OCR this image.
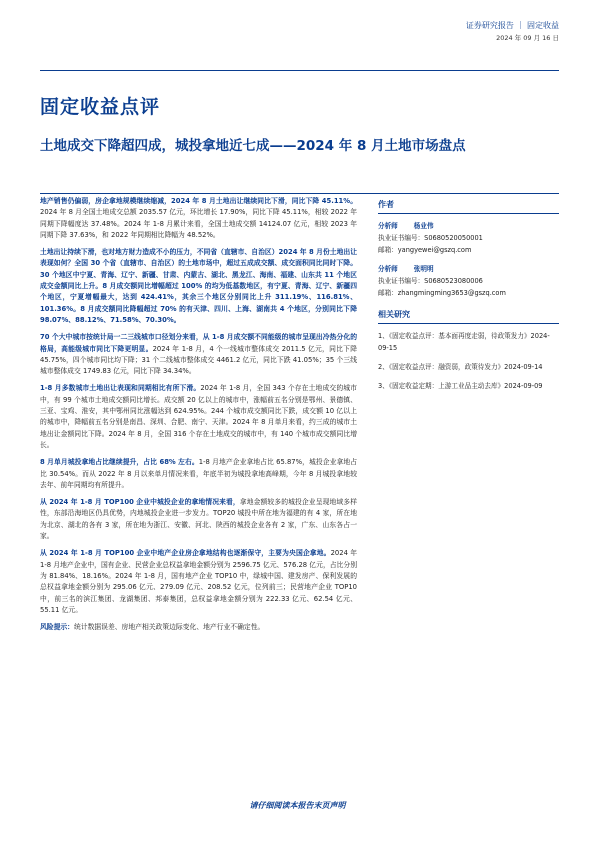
证券研究报告 ｜ 固定收益
2024 年 09 月 16 日
固定收益点评
土地成交下降超四成，城投拿地近七成——2024 年 8 月土地市场盘点

地产销售仍偏弱，房企拿地规模继续缩减，2024 年 8 月土地出让继续同比下滑，同比下降 45.11%。2024 年 8 月全国土地成交总额 2035.57 亿元，环比增长 17.90%，同比下降 45.11%，相较 2022 年同期下降幅度达 37.48%。2024 年 1-8 月累计来看，全国土地成交额 14124.07 亿元，相较 2023 年同期下降 37.63%，和 2022 年同期相比降幅为 48.52%。

土地出让持续下滑，也对地方财力造成不小的压力，不同省（直辖市、自治区）2024 年 8 月份土地出让表现如何？全国 30 个省（直辖市、自治区）的土地市场中，超过五成成交额、成交面积同比同时下降。30 个地区中宁夏、青海、辽宁、新疆、甘肃、内蒙古、湖北、黑龙江、海南、福建、山东共 11 个地区成交金额同比上升。8 月成交额同比增幅超过 100% 的均为低基数地区，有宁夏、青海、辽宁、新疆四个地区，宁夏增幅最大，达到 424.41%，其余三个地区分别同比上升 311.19%、116.81%、101.36%。8 月成交额同比降幅超过 70% 的有天津、四川、上海、湖南共 4 个地区，分别同比下降 98.07%、88.12%、71.58%、70.30%。

70 个大中城市按统计局一二三线城市口径划分来看，从 1-8 月成交额不同能级的城市呈现出冷热分化的格局，高能级城市同比下降更明显。2024 年 1-8 月，4 个一线城市整体成交 2011.5 亿元，同比下降 45.75%，四个城市同比均下降；31 个二线城市整体成交 4461.2 亿元，同比下跌 41.05%；35 个三线城市整体成交 1749.83 亿元，同比下降 34.34%。

1-8 月多数城市土地出让表现和同期相比有所下滑。2024 年 1-8 月，全国 343 个存在土地成交的城市中，有 99 个城市土地成交额同比增长。成交额 20 亿以上的城市中，涨幅前五名分别是鄂州、景德镇、三亚、宝鸡、淮安，其中鄂州同比涨幅达到 624.95%。244 个城市成交额同比下跌，成交额 10 亿以上的城市中，降幅前五名分别是南昌、深圳、合肥、南宁、天津。2024 年 8 月单月来看，约三成的城市土地出让金额同比下降。2024 年 8 月，全国 316 个存在土地成交的城市中，有 140 个城市成交额同比增长。

8 月单月城投拿地占比继续提升，占比 68% 左右。1-8 月地产企业拿地占比 65.87%，城投企业拿地占比 30.54%。而从 2022 年 8 月以来单月情况来看，年底半初为城投拿地高峰期，今年 8 月城投拿地较去年、前年同期均有所提升。

从 2024 年 1-8 月 TOP100 企业中城投企业的拿地情况来看，拿地金额较多的城投企业呈现地域多样性，东部沿海地区仍具优势，内地城投企业进一步发力。TOP20 城投中所在地为福建的有 4 家，所在地为北京、湖北的各有 3 家，所在地为浙江、安徽、河北、陕西的城投企业各有 2 家，广东、山东各占一家。

从 2024 年 1-8 月 TOP100 企业中地产企业房企拿地结构也逐渐保守，主要为央国企拿地。2024 年 1-8 月地产企业中，国有企业、民营企业总权益拿地金额分别为 2596.75 亿元、576.28 亿元，占比分别为 81.84%、18.16%。2024 年 1-8 月，国有地产企业 TOP10 中，绿城中国、建发房产、保利发展的总权益拿地金额分别为 295.06 亿元、279.09 亿元、208.52 亿元，位列前三；民营地产企业 TOP10 中，前三名的滨江集团、龙湖集团、邦泰集团，总权益拿地金额分别为 222.33 亿元、62.54 亿元、55.11 亿元。

风险提示：统计数据误差、房地产相关政策边际变化、地产行业不确定性。

作者
分析师 杨业伟
执业证书编号：S0680520050001
邮箱：yangyewei@gszq.com
分析师 张明明
执业证书编号：S0680523080006
邮箱：zhangmingming3653@gszq.com
相关研究
1、《固定收益点评：基本面再度走弱，待政策发力》2024-09-15
2、《固定收益点评：融资弱，政策待发力》2024-09-14
3、《固定收益定期：上游工业品主动去库》2024-09-09
请仔细阅读本报告末页声明
